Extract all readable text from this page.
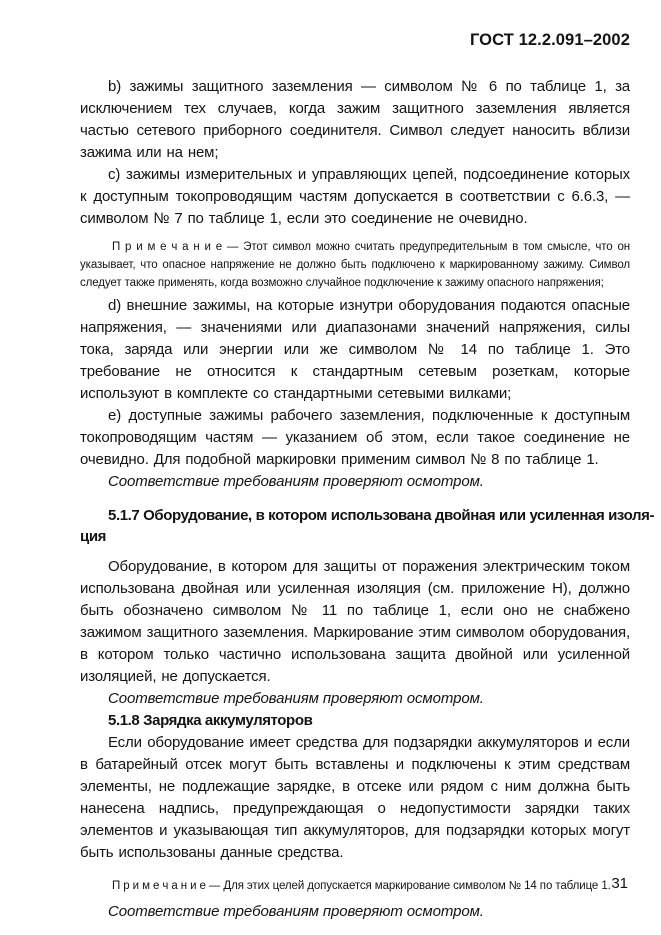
ГОСТ 12.2.091–2002

b) зажимы защитного заземления — символом № 6 по таблице 1, за исключением тех случаев, когда зажим защитного заземления является частью сетевого приборного соединителя. Символ следует наносить вблизи зажима или на нем;

c) зажимы измерительных и управляющих цепей, подсоединение которых к доступным токопроводящим частям допускается в соответствии с 6.6.3, — символом № 7 по таблице 1, если это соединение не очевидно.

П р и м е ч а н и е — Этот символ можно считать предупредительным в том смысле, что он указывает, что опасное напряжение не должно быть подключено к маркированному зажиму. Символ следует также применять, когда возможно случайное подключение к зажиму опасного напряжения;

d) внешние зажимы, на которые изнутри оборудования подаются опасные напряжения, — значениями или диапазонами значений напряжения, силы тока, заряда или энергии или же символом № 14 по таблице 1. Это требование не относится к стандартным сетевым розеткам, которые используют в комплекте со стандартными сетевыми вилками;

e) доступные зажимы рабочего заземления, подключенные к доступным токопроводящим частям — указанием об этом, если такое соединение не очевидно. Для подобной маркировки применим символ № 8 по таблице 1.

Соответствие требованиям проверяют осмотром.

5.1.7 Оборудование, в котором использована двойная или усиленная изоля-
ция

Оборудование, в котором для защиты от поражения электрическим током использована двойная или усиленная изоляция (см. приложение Н), должно быть обозначено символом № 11 по таблице 1, если оно не снабжено зажимом защитного заземления. Маркирование этим символом оборудования, в котором только частично использована защита двойной или усиленной изоляцией, не допускается.

Соответствие требованиям проверяют осмотром.

5.1.8 Зарядка аккумуляторов

Если оборудование имеет средства для подзарядки аккумуляторов и если в батарейный отсек могут быть вставлены и подключены к этим средствам элементы, не подлежащие зарядке, в отсеке или рядом с ним должна быть нанесена надпись, предупреждающая о недопустимости зарядки таких элементов и указывающая тип аккумуляторов, для подзарядки которых могут быть использованы данные средства.

П р и м е ч а н и е — Для этих целей допускается маркирование символом № 14 по таблице 1.

Соответствие требованиям проверяют осмотром.

31
